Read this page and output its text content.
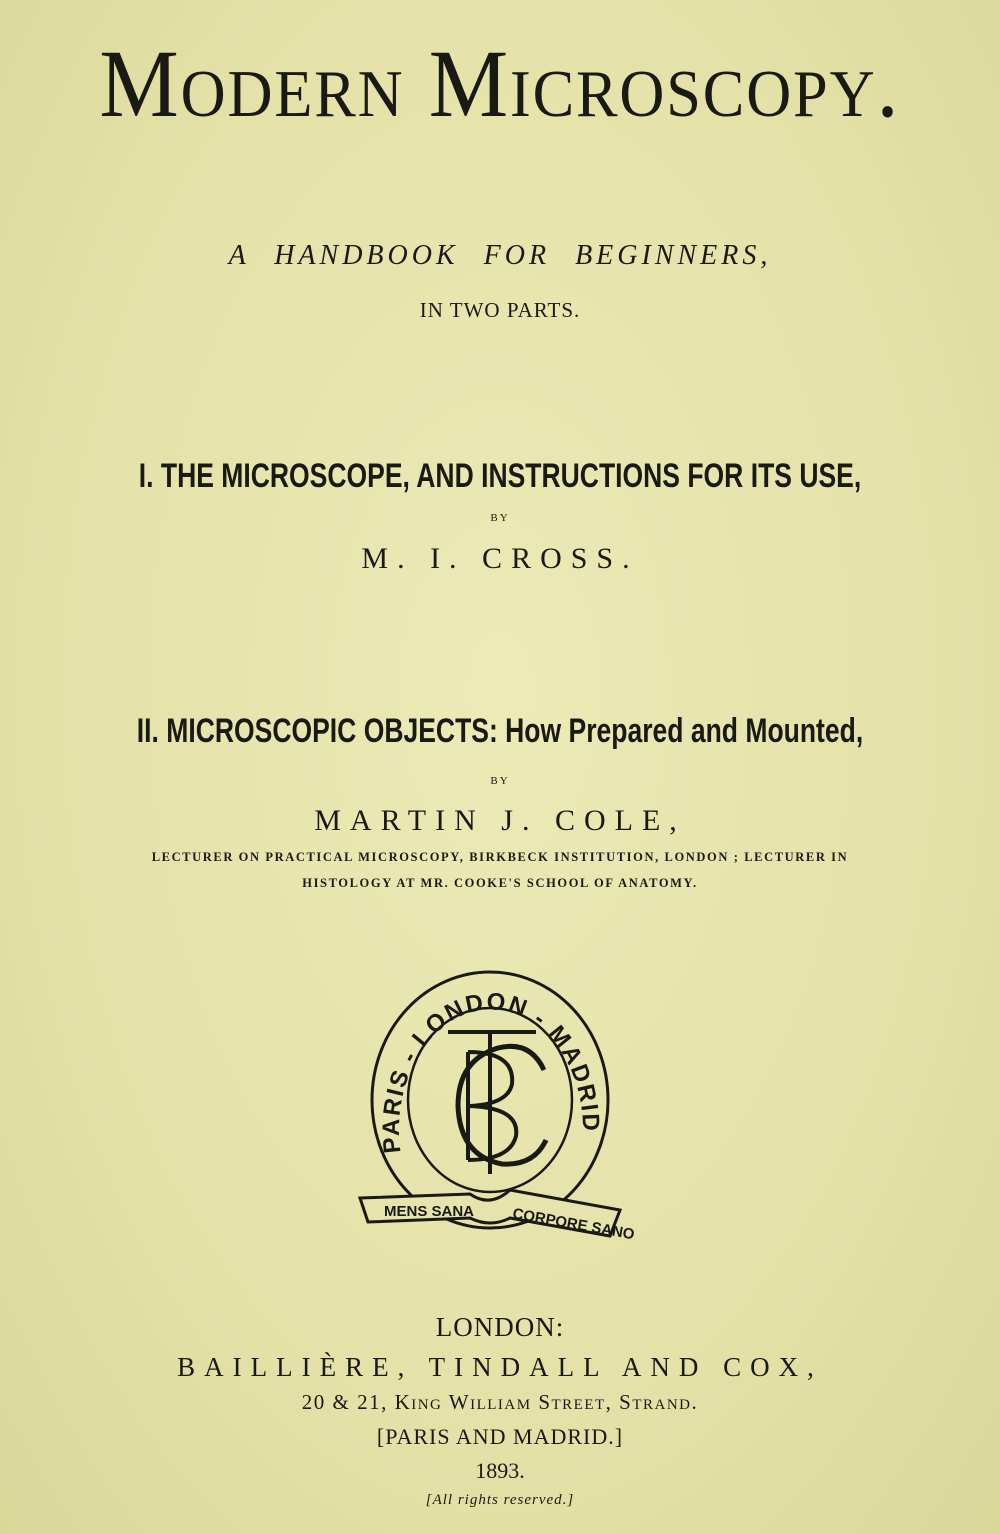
Modern Microscopy.
A HANDBOOK FOR BEGINNERS,
IN TWO PARTS.
I. THE MICROSCOPE, AND INSTRUCTIONS FOR ITS USE,
BY
M. I. CROSS.
II. MICROSCOPIC OBJECTS: How Prepared and Mounted,
BY
MARTIN J. COLE,
LECTURER ON PRACTICAL MICROSCOPY, BIRKBECK INSTITUTION, LONDON ; LECTURER IN
HISTOLOGY AT MR. COOKE'S SCHOOL OF ANATOMY.
PARIS - LONDON - MADRID
MENS SANA CORPORE SANO
LONDON:
BAILLIÈRE, TINDALL AND COX,
20 & 21, King William Street, Strand.
[PARIS AND MADRID.]
1893.
[All rights reserved.]
